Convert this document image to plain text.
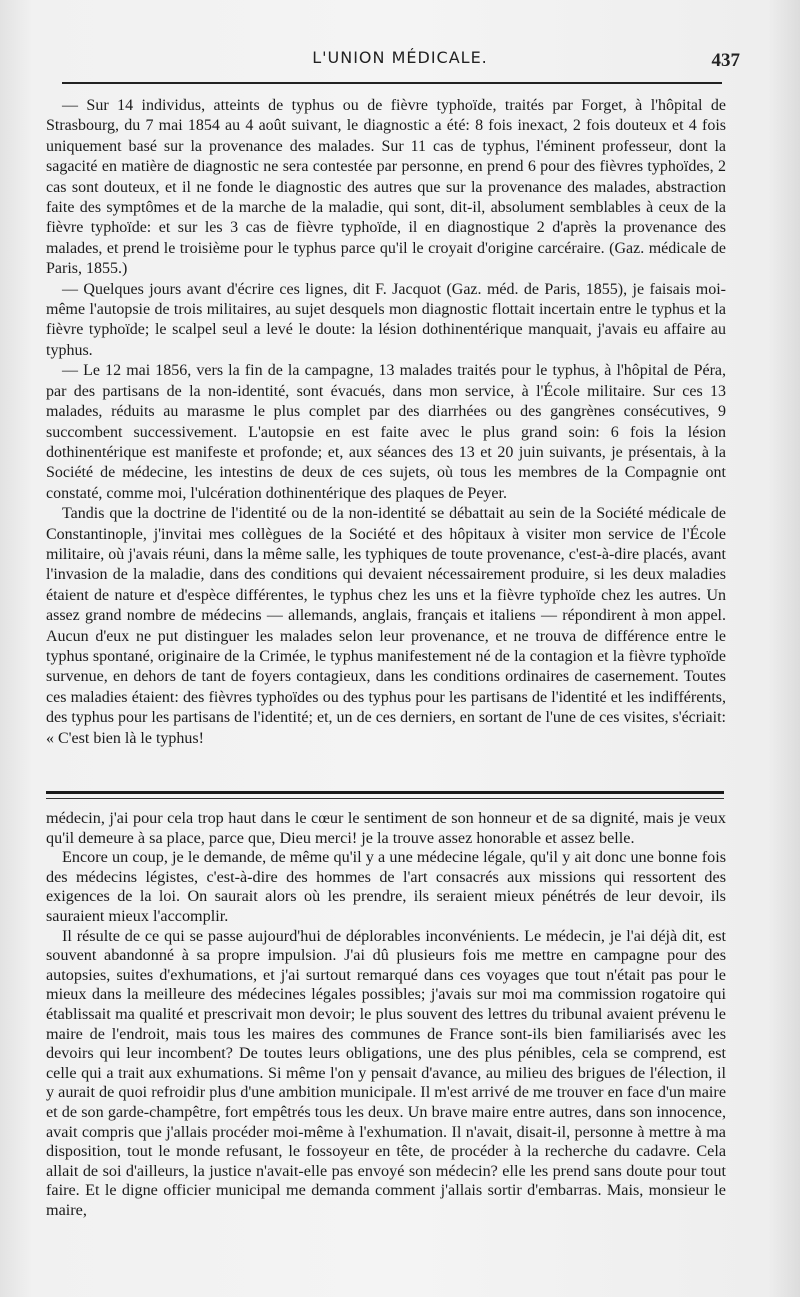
L'UNION MÉDICALE.	437

— Sur 14 individus, atteints de typhus ou de fièvre typhoïde, traités par Forget, à l'hôpital de Strasbourg, du 7 mai 1854 au 4 août suivant, le diagnostic a été: 8 fois inexact, 2 fois douteux et 4 fois uniquement basé sur la provenance des malades. Sur 11 cas de typhus, l'éminent professeur, dont la sagacité en matière de diagnostic ne sera contestée par personne, en prend 6 pour des fièvres typhoïdes, 2 cas sont douteux, et il ne fonde le diagnostic des autres que sur la provenance des malades, abstraction faite des symptômes et de la marche de la maladie, qui sont, dit-il, absolument semblables à ceux de la fièvre typhoïde: et sur les 3 cas de fièvre typhoïde, il en diagnostique 2 d'après la provenance des malades, et prend le troisième pour le typhus parce qu'il le croyait d'origine carcéraire. (Gaz. médicale de Paris, 1855.)

— Quelques jours avant d'écrire ces lignes, dit F. Jacquot (Gaz. méd. de Paris, 1855), je faisais moi-même l'autopsie de trois militaires, au sujet desquels mon diagnostic flottait incertain entre le typhus et la fièvre typhoïde; le scalpel seul a levé le doute: la lésion dothinentérique manquait, j'avais eu affaire au typhus.

— Le 12 mai 1856, vers la fin de la campagne, 13 malades traités pour le typhus, à l'hôpital de Péra, par des partisans de la non-identité, sont évacués, dans mon service, à l'École militaire. Sur ces 13 malades, réduits au marasme le plus complet par des diarrhées ou des gangrènes consécutives, 9 succombent successivement. L'autopsie en est faite avec le plus grand soin: 6 fois la lésion dothinentérique est manifeste et profonde; et, aux séances des 13 et 20 juin suivants, je présentais, à la Société de médecine, les intestins de deux de ces sujets, où tous les membres de la Compagnie ont constaté, comme moi, l'ulcération dothinentérique des plaques de Peyer.

Tandis que la doctrine de l'identité ou de la non-identité se débattait au sein de la Société médicale de Constantinople, j'invitai mes collègues de la Société et des hôpitaux à visiter mon service de l'École militaire, où j'avais réuni, dans la même salle, les typhiques de toute provenance, c'est-à-dire placés, avant l'invasion de la maladie, dans des conditions qui devaient nécessairement produire, si les deux maladies étaient de nature et d'espèce différentes, le typhus chez les uns et la fièvre typhoïde chez les autres. Un assez grand nombre de médecins — allemands, anglais, français et italiens — répondirent à mon appel. Aucun d'eux ne put distinguer les malades selon leur provenance, et ne trouva de différence entre le typhus spontané, originaire de la Crimée, le typhus manifestement né de la contagion et la fièvre typhoïde survenue, en dehors de tant de foyers contagieux, dans les conditions ordinaires de casernement. Toutes ces maladies étaient: des fièvres typhoïdes ou des typhus pour les partisans de l'identité et les indifférents, des typhus pour les partisans de l'identité; et, un de ces derniers, en sortant de l'une de ces visites, s'écriait: « C'est bien là le typhus!

médecin, j'ai pour cela trop haut dans le cœur le sentiment de son honneur et de sa dignité, mais je veux qu'il demeure à sa place, parce que, Dieu merci! je la trouve assez honorable et assez belle.

Encore un coup, je le demande, de même qu'il y a une médecine légale, qu'il y ait donc une bonne fois des médecins légistes, c'est-à-dire des hommes de l'art consacrés aux missions qui ressortent des exigences de la loi. On saurait alors où les prendre, ils seraient mieux pénétrés de leur devoir, ils sauraient mieux l'accomplir.

Il résulte de ce qui se passe aujourd'hui de déplorables inconvénients. Le médecin, je l'ai déjà dit, est souvent abandonné à sa propre impulsion. J'ai dû plusieurs fois me mettre en campagne pour des autopsies, suites d'exhumations, et j'ai surtout remarqué dans ces voyages que tout n'était pas pour le mieux dans la meilleure des médecines légales possibles; j'avais sur moi ma commission rogatoire qui établissait ma qualité et prescrivait mon devoir; le plus souvent des lettres du tribunal avaient prévenu le maire de l'endroit, mais tous les maires des communes de France sont-ils bien familiarisés avec les devoirs qui leur incombent? De toutes leurs obligations, une des plus pénibles, cela se comprend, est celle qui a trait aux exhumations. Si même l'on y pensait d'avance, au milieu des brigues de l'élection, il y aurait de quoi refroidir plus d'une ambition municipale. Il m'est arrivé de me trouver en face d'un maire et de son garde-champêtre, fort empêtrés tous les deux. Un brave maire entre autres, dans son innocence, avait compris que j'allais procéder moi-même à l'exhumation. Il n'avait, disait-il, personne à mettre à ma disposition, tout le monde refusant, le fossoyeur en tête, de procéder à la recherche du cadavre. Cela allait de soi d'ailleurs, la justice n'avait-elle pas envoyé son médecin? elle les prend sans doute pour tout faire. Et le digne officier municipal me demanda comment j'allais sortir d'embarras. Mais, monsieur le maire,
